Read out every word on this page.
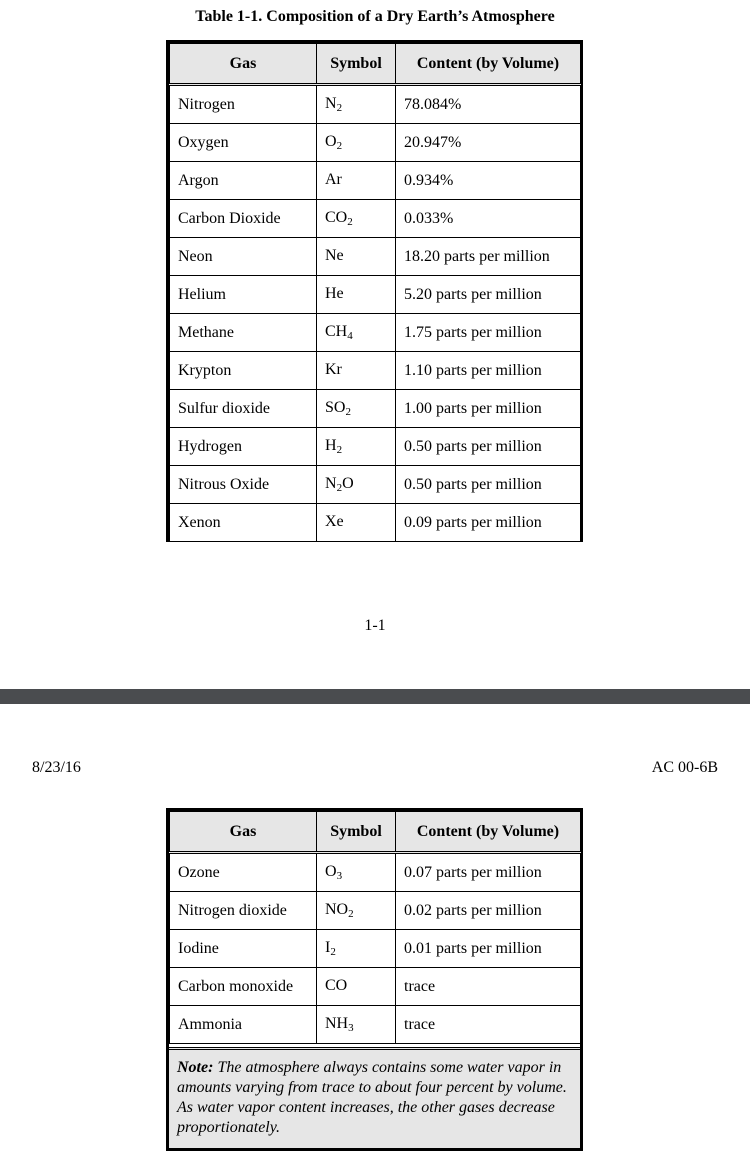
Table 1-1. Composition of a Dry Earth’s Atmosphere
Gas	Symbol	Content (by Volume)
Nitrogen	$N_2$	78.084%
Oxygen	$O_2$	20.947%
Argon	Ar	0.934%
Carbon Dioxide	$CO_2$	0.033%
Neon	Ne	18.20 parts per million
Helium	He	5.20 parts per million
Methane	$CH_4$	1.75 parts per million
Krypton	Kr	1.10 parts per million
Sulfur dioxide	$SO_2$	1.00 parts per million
Hydrogen	$H_2$	0.50 parts per million
Nitrous Oxide	$N_2O$	0.50 parts per million
Xenon	Xe	0.09 parts per million
1-1
8/23/16	AC 00-6B
Gas	Symbol	Content (by Volume)
Ozone	$O_3$	0.07 parts per million
Nitrogen dioxide	$NO_2$	0.02 parts per million
Iodine	$I_2$	0.01 parts per million
Carbon monoxide	CO	trace
Ammonia	$NH_3$	trace
Note: The atmosphere always contains some water vapor in amounts varying from trace to about four percent by volume. As water vapor content increases, the other gases decrease proportionately.
